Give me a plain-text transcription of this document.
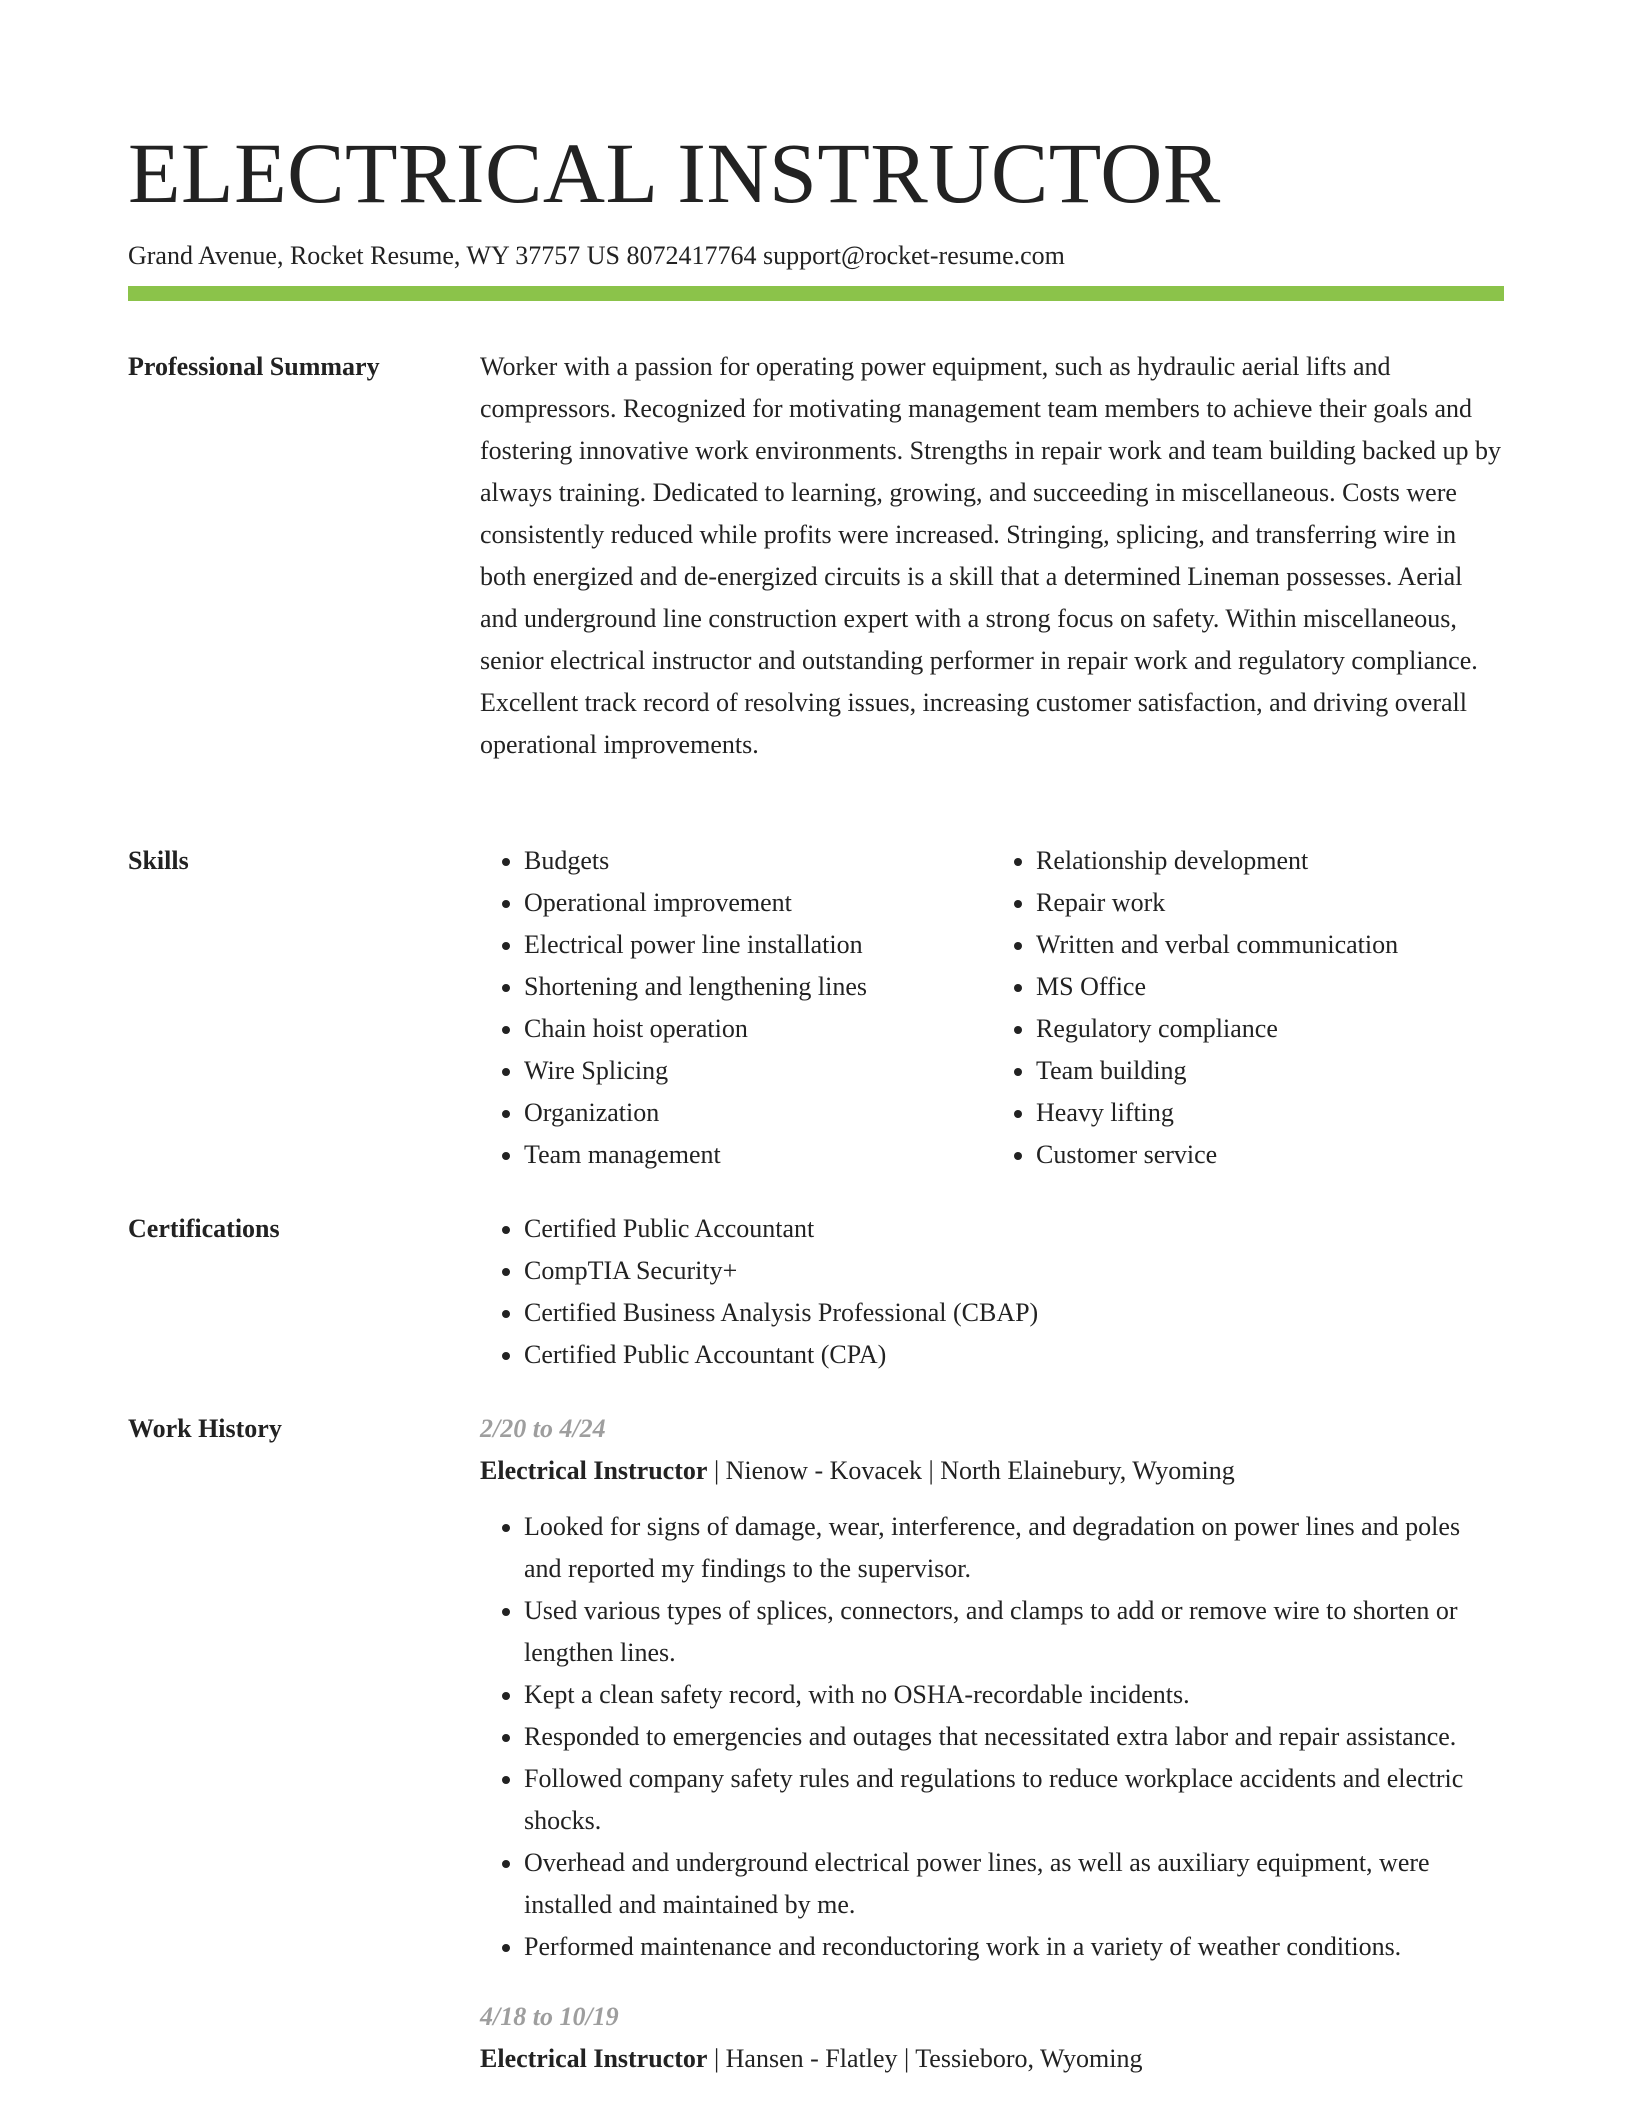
ELECTRICAL INSTRUCTOR
Grand Avenue, Rocket Resume, WY 37757 US 8072417764 support@rocket-resume.com
Professional Summary	Worker with a passion for operating power equipment, such as hydraulic aerial lifts and compressors. Recognized for motivating management team members to achieve their goals and fostering innovative work environments. Strengths in repair work and team building backed up by always training. Dedicated to learning, growing, and succeeding in miscellaneous. Costs were consistently reduced while profits were increased. Stringing, splicing, and transferring wire in both energized and de-energized circuits is a skill that a determined Lineman possesses. Aerial and underground line construction expert with a strong focus on safety. Within miscellaneous, senior electrical instructor and outstanding performer in repair work and regulatory compliance. Excellent track record of resolving issues, increasing customer satisfaction, and driving overall operational improvements.

Skills	• Budgets
• Operational improvement
• Electrical power line installation
• Shortening and lengthening lines
• Chain hoist operation
• Wire Splicing
• Organization
• Team management
• Relationship development
• Repair work
• Written and verbal communication
• MS Office
• Regulatory compliance
• Team building
• Heavy lifting
• Customer service
Certifications	• Certified Public Accountant
• CompTIA Security+
• Certified Business Analysis Professional (CBAP)
• Certified Public Accountant (CPA)
Work History	2/20 to 4/24
Electrical Instructor | Nienow - Kovacek | North Elainebury, Wyoming
• Looked for signs of damage, wear, interference, and degradation on power lines and poles and reported my findings to the supervisor.
• Used various types of splices, connectors, and clamps to add or remove wire to shorten or lengthen lines.
• Kept a clean safety record, with no OSHA-recordable incidents.
• Responded to emergencies and outages that necessitated extra labor and repair assistance.
• Followed company safety rules and regulations to reduce workplace accidents and electric shocks.
• Overhead and underground electrical power lines, as well as auxiliary equipment, were installed and maintained by me.
• Performed maintenance and reconductoring work in a variety of weather conditions.
4/18 to 10/19
Electrical Instructor | Hansen - Flatley | Tessieboro, Wyoming
